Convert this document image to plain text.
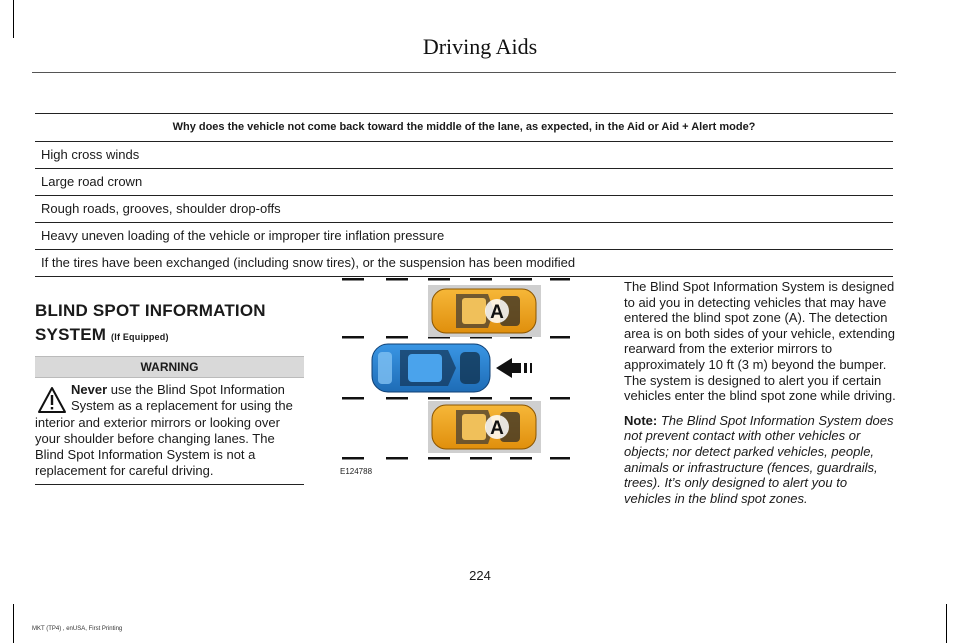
Driving Aids
Why does the vehicle not come back toward the middle of the lane, as expected, in the Aid or Aid + Alert mode?
High cross winds
Large road crown
Rough roads, grooves, shoulder drop-offs
Heavy uneven loading of the vehicle or improper tire inflation pressure
If the tires have been exchanged (including snow tires), or the suspension has been modified
BLIND SPOT INFORMATION
SYSTEM (If Equipped)
WARNING
Never use the Blind Spot Information System as a replacement for using the interior and exterior mirrors or looking over your shoulder before changing lanes. The Blind Spot Information System is not a replacement for careful driving.
A
A
E124788

The Blind Spot Information System is designed to aid you in detecting vehicles that may have entered the blind spot zone (A). The detection area is on both sides of your vehicle, extending rearward from the exterior mirrors to approximately 10 ft (3 m) beyond the bumper. The system is designed to alert you if certain vehicles enter the blind spot zone while driving.

Note: The Blind Spot Information System does not prevent contact with other vehicles or objects; nor detect parked vehicles, people, animals or infrastructure (fences, guardrails, trees). It’s only designed to alert you to vehicles in the blind spot zones.

224
MKT (TP4) , enUSA, First Printing
